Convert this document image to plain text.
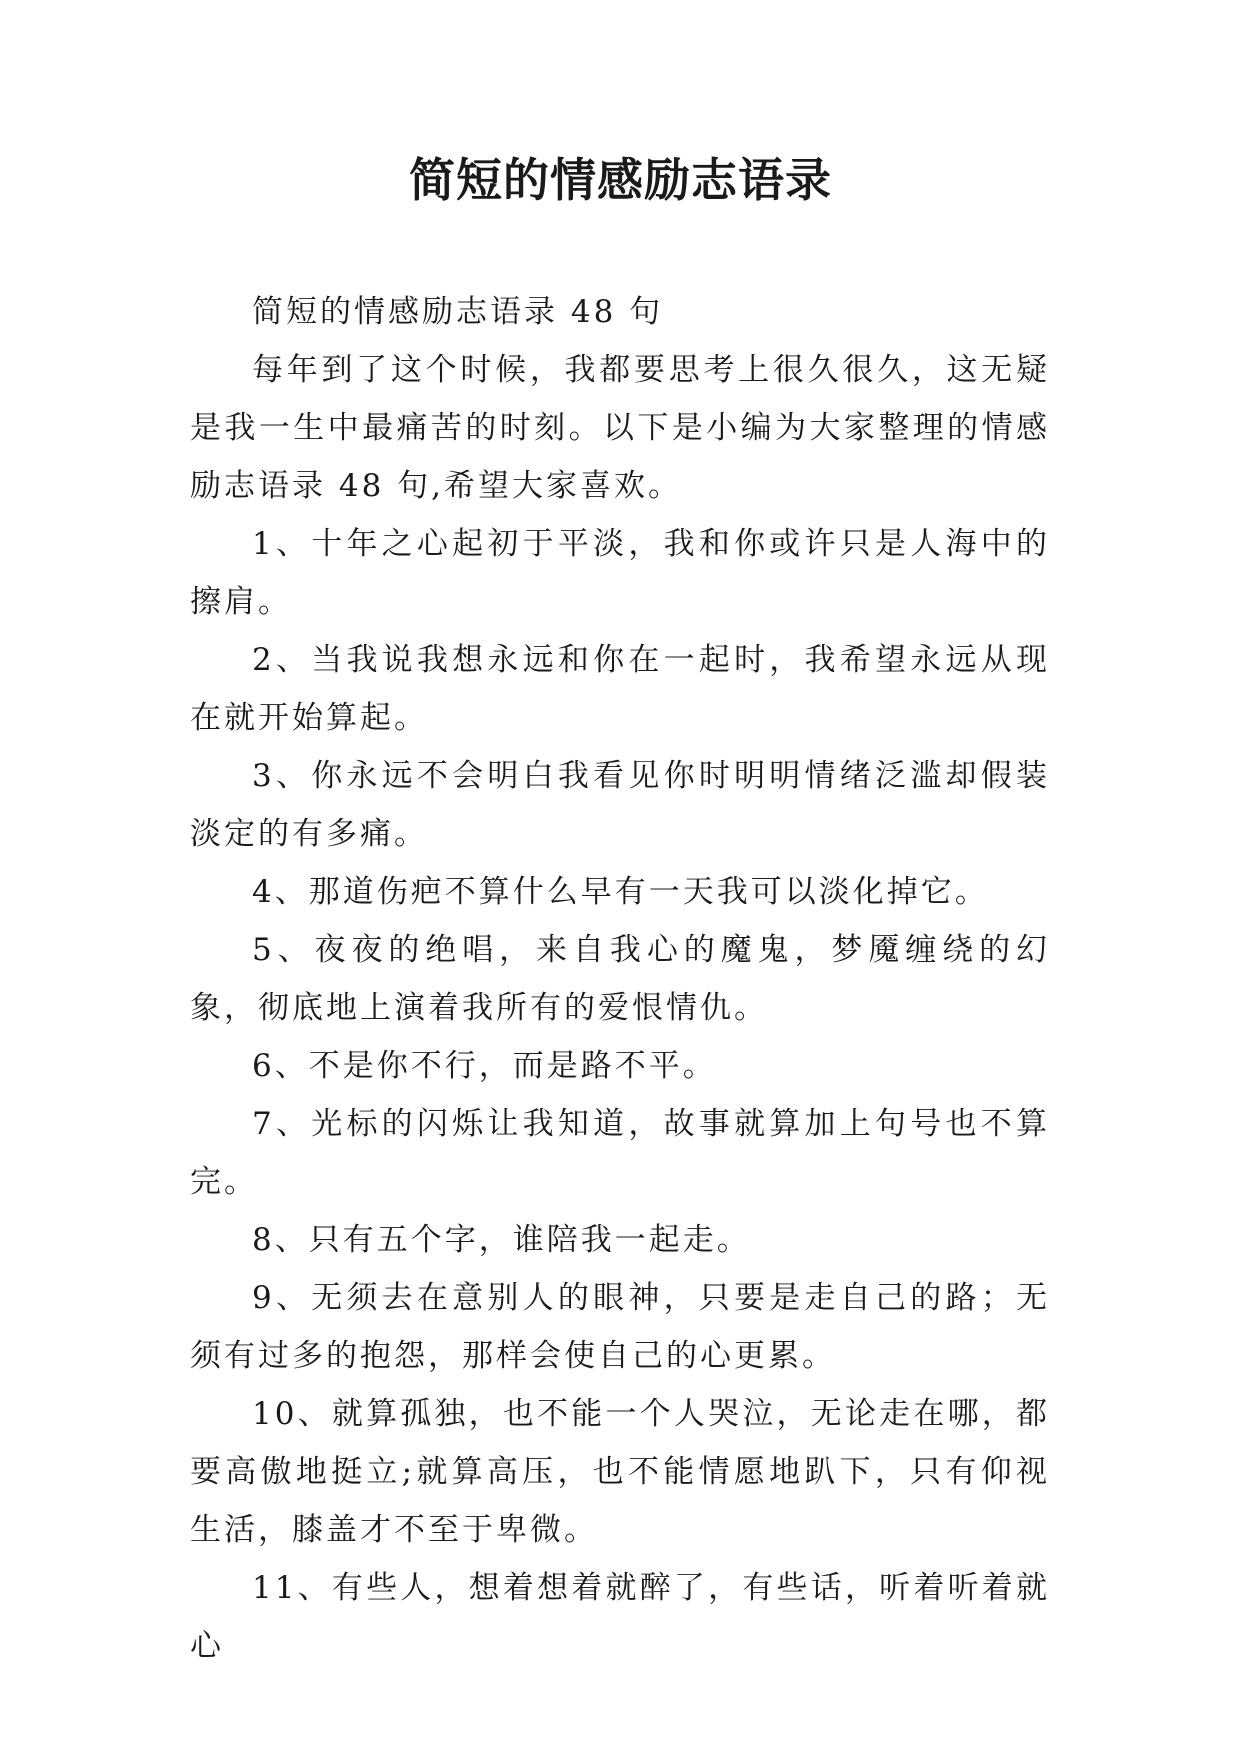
简短的情感励志语录

简短的情感励志语录 48 句

每年到了这个时候，我都要思考上很久很久，这无疑是我一生中最痛苦的时刻。以下是小编为大家整理的情感励志语录 48 句,希望大家喜欢。

1、十年之心起初于平淡，我和你或许只是人海中的擦肩。

2、当我说我想永远和你在一起时，我希望永远从现在就开始算起。

3、你永远不会明白我看见你时明明情绪泛滥却假装淡定的有多痛。

4、那道伤疤不算什么早有一天我可以淡化掉它。

5、夜夜的绝唱，来自我心的魔鬼，梦魇缠绕的幻象，彻底地上演着我所有的爱恨情仇。

6、不是你不行，而是路不平。

7、光标的闪烁让我知道，故事就算加上句号也不算完。

8、只有五个字，谁陪我一起走。

9、无须去在意别人的眼神，只要是走自己的路；无须有过多的抱怨，那样会使自己的心更累。

10、就算孤独，也不能一个人哭泣，无论走在哪，都要高傲地挺立;就算高压，也不能情愿地趴下，只有仰视生活，膝盖才不至于卑微。

11、有些人，想着想着就醉了，有些话，听着听着就心
